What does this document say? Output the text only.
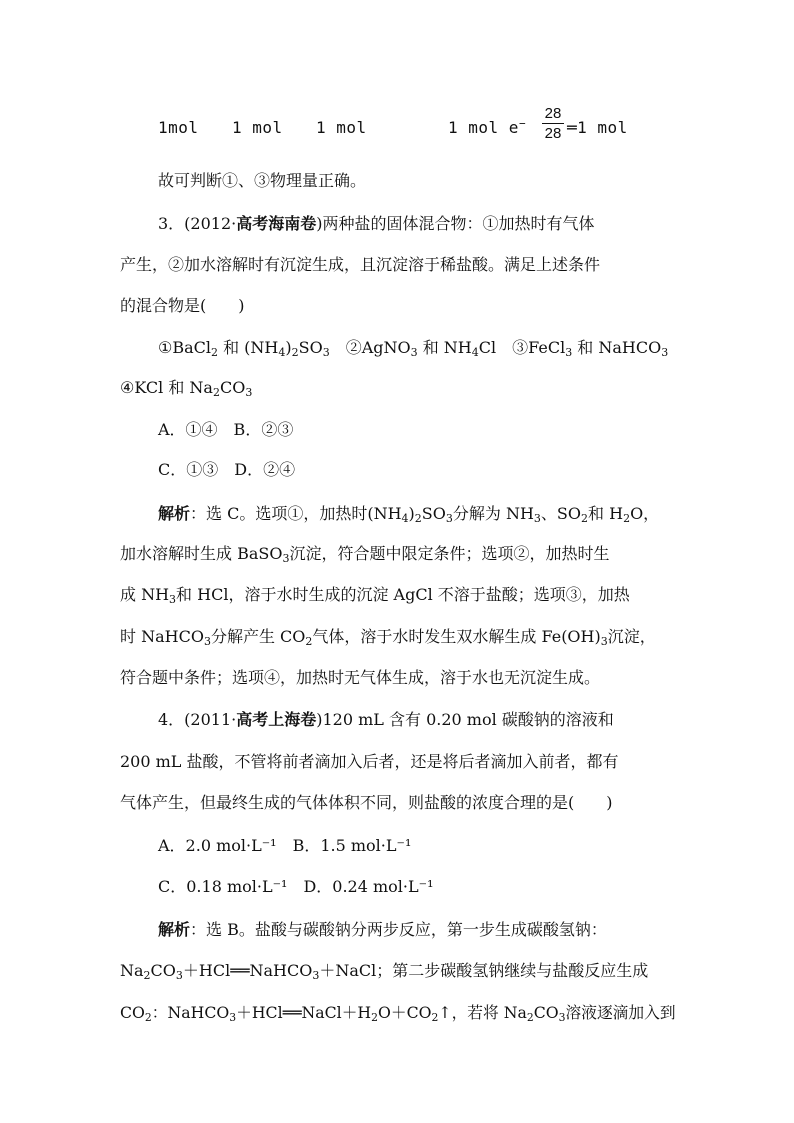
1mol 1 mol 1 mol	1 mol e−	═1 mol
28
28
故可判断①、③物理量正确。
3．(2012·高考海南卷)两种盐的固体混合物：①加热时有气体
产生，②加水溶解时有沉淀生成，且沉淀溶于稀盐酸。满足上述条件
的混合物是(　　)
①BaCl$_2$ 和 $(NH_4)_2SO_3$　②AgNO$_3$ 和 $NH_4Cl$　③FeCl$_3$ 和 NaHCO$_3$
④KCl 和 $Na_2CO_3$
A．①④　B．②③
C．①③　D．②④
解析：选 C。选项①，加热时$(NH_4)_2SO_3$分解为 $NH_3$、$SO_2$和 $H_2O$，
加水溶解时生成 BaSO$_3$沉淀，符合题中限定条件；选项②，加热时生
成 $NH_3$和 HCl，溶于水时生成的沉淀 AgCl 不溶于盐酸；选项③，加热
时 NaHCO$_3$分解产生 $CO_2$气体，溶于水时发生双水解生成 $Fe(OH)_3$沉淀，
符合题中条件；选项④，加热时无气体生成，溶于水也无沉淀生成。
4．(2011·高考上海卷)120 mL 含有 0.20 mol 碳酸钠的溶液和
200 mL 盐酸，不管将前者滴加入后者，还是将后者滴加入前者，都有
气体产生，但最终生成的气体体积不同，则盐酸的浓度合理的是(　　)
A．2.0 mol·L⁻¹　B．1.5 mol·L⁻¹
C．0.18 mol·L⁻¹　D．0.24 mol·L⁻¹
解析：选 B。盐酸与碳酸钠分两步反应，第一步生成碳酸氢钠：
$Na_2CO_3+HCl══NaHCO_3+NaCl$；第二步碳酸氢钠继续与盐酸反应生成
$CO_2$：$NaHCO_3+HCl══NaCl+H_2O+CO_2↑$，若将 $Na_2CO_3$溶液逐滴加入到
